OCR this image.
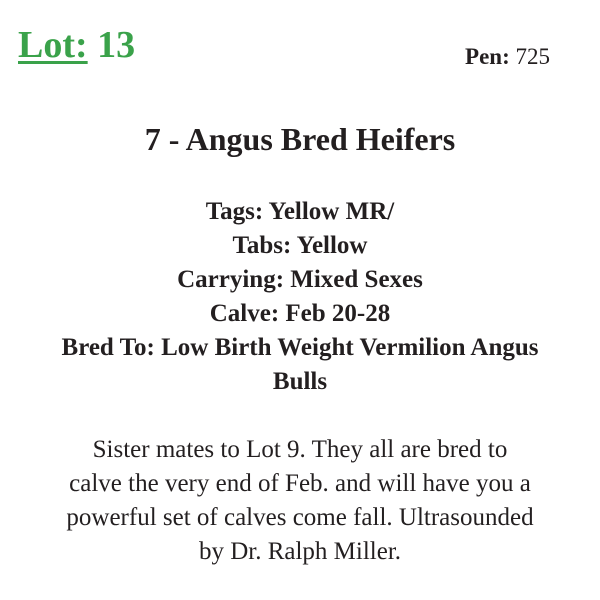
Lot: 13	Pen: 725
7 - Angus Bred Heifers
Tags: Yellow MR/
Tabs: Yellow
Carrying: Mixed Sexes
Calve: Feb 20-28
Bred To: Low Birth Weight Vermilion Angus
Bulls
Sister mates to Lot 9. They all are bred to
calve the very end of Feb. and will have you a
powerful set of calves come fall. Ultrasounded
by Dr. Ralph Miller.
